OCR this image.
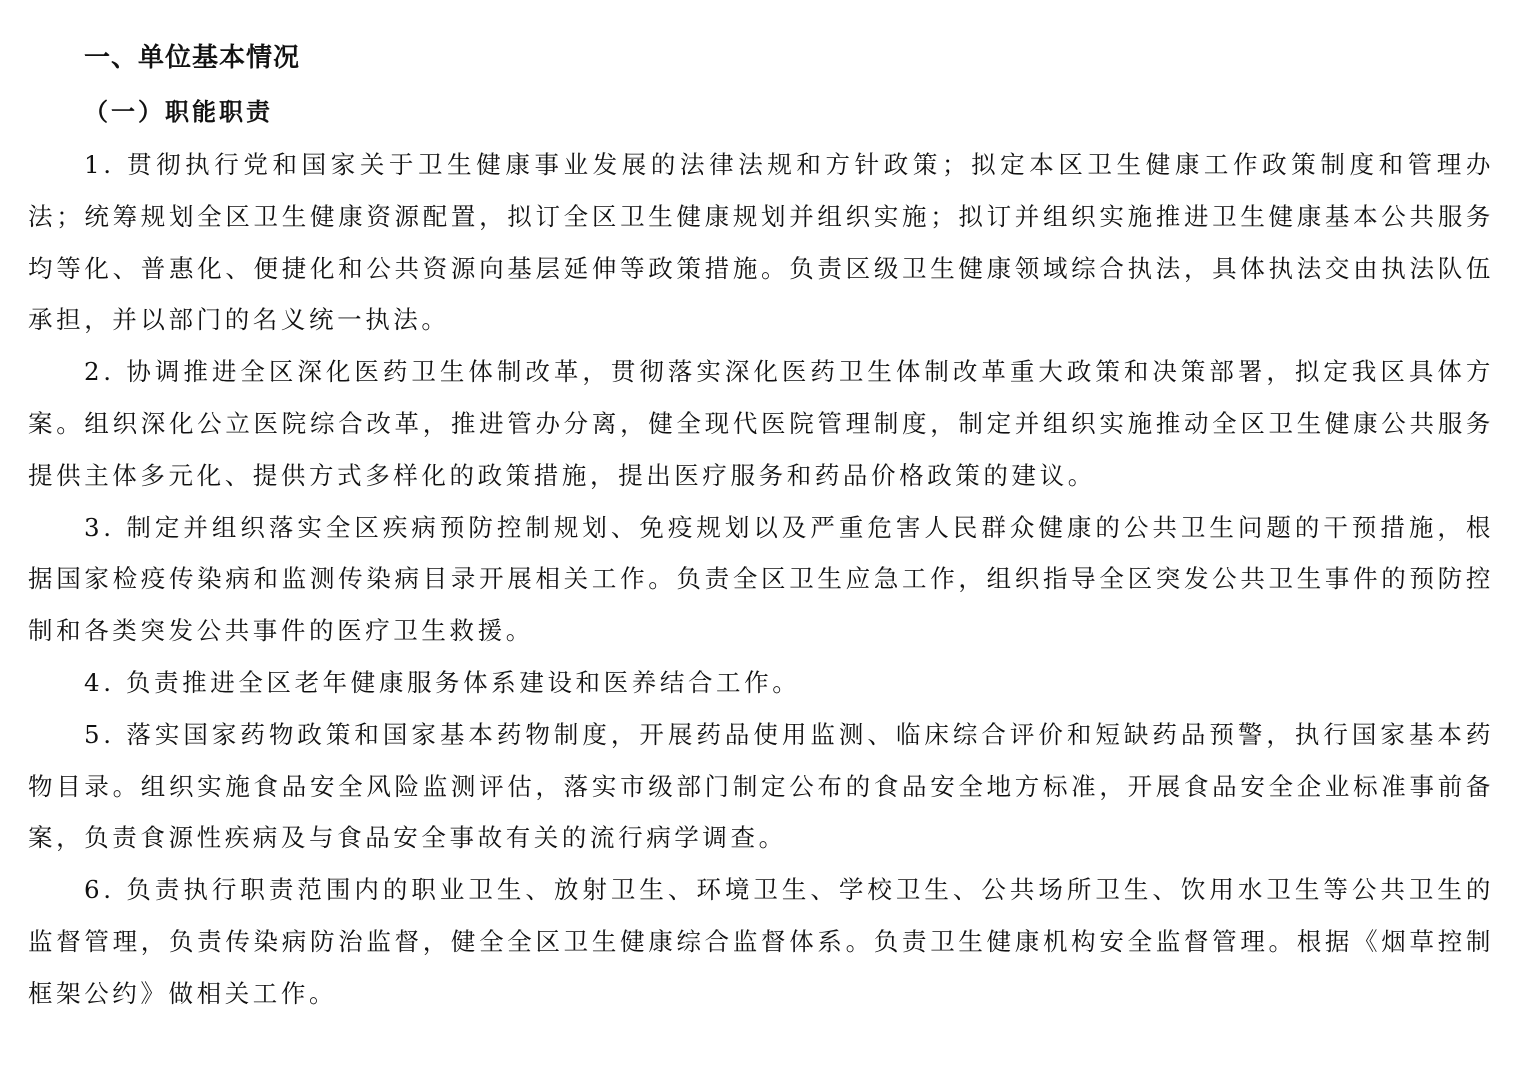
一、单位基本情况
（一）职能职责

1. 贯彻执行党和国家关于卫生健康事业发展的法律法规和方针政策；拟定本区卫生健康工作政策制度和管理办法；统筹规划全区卫生健康资源配置，拟订全区卫生健康规划并组织实施；拟订并组织实施推进卫生健康基本公共服务均等化、普惠化、便捷化和公共资源向基层延伸等政策措施。负责区级卫生健康领域综合执法，具体执法交由执法队伍承担，并以部门的名义统一执法。

2. 协调推进全区深化医药卫生体制改革，贯彻落实深化医药卫生体制改革重大政策和决策部署，拟定我区具体方案。组织深化公立医院综合改革，推进管办分离，健全现代医院管理制度，制定并组织实施推动全区卫生健康公共服务提供主体多元化、提供方式多样化的政策措施，提出医疗服务和药品价格政策的建议。

3. 制定并组织落实全区疾病预防控制规划、免疫规划以及严重危害人民群众健康的公共卫生问题的干预措施，根据国家检疫传染病和监测传染病目录开展相关工作。负责全区卫生应急工作，组织指导全区突发公共卫生事件的预防控制和各类突发公共事件的医疗卫生救援。

4. 负责推进全区老年健康服务体系建设和医养结合工作。

5. 落实国家药物政策和国家基本药物制度，开展药品使用监测、临床综合评价和短缺药品预警，执行国家基本药物目录。组织实施食品安全风险监测评估，落实市级部门制定公布的食品安全地方标准，开展食品安全企业标准事前备案，负责食源性疾病及与食品安全事故有关的流行病学调查。

6. 负责执行职责范围内的职业卫生、放射卫生、环境卫生、学校卫生、公共场所卫生、饮用水卫生等公共卫生的监督管理，负责传染病防治监督，健全全区卫生健康综合监督体系。负责卫生健康机构安全监督管理。根据《烟草控制框架公约》做相关工作。
